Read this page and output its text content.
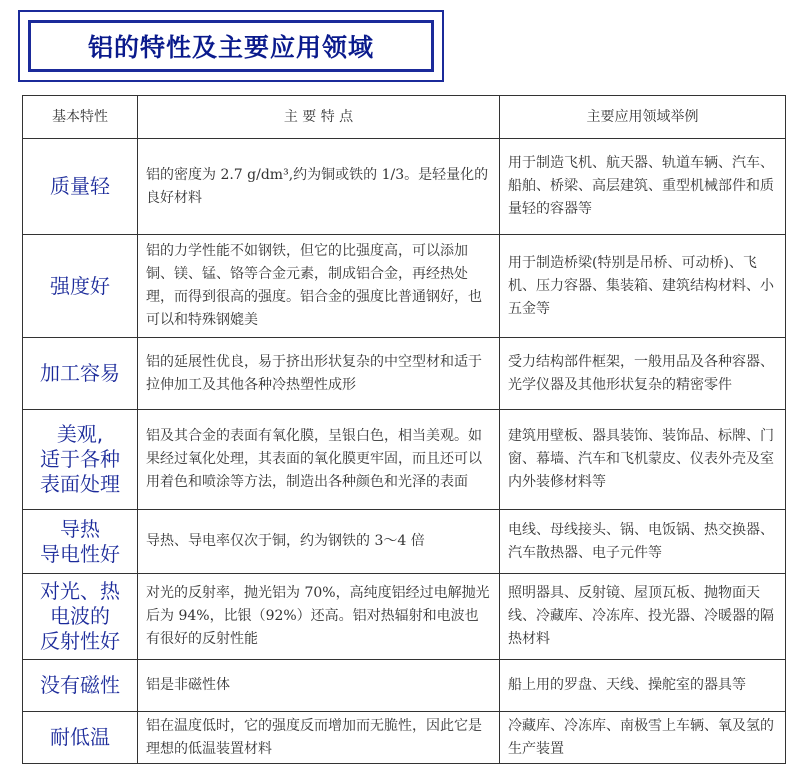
铝的特性及主要应用领域
基本特性	主 要 特 点	主要应用领域举例
质量轻	铝的密度为 2.7 g/dm³,约为铜或铁的 1/3。是轻量化的良好材料	用于制造飞机、航天器、轨道车辆、汽车、船舶、桥梁、高层建筑、重型机械部件和质量轻的容器等
强度好	铝的力学性能不如钢铁，但它的比强度高，可以添加铜、镁、锰、铬等合金元素，制成铝合金，再经热处理，而得到很高的强度。铝合金的强度比普通钢好，也可以和特殊钢媲美	用于制造桥梁(特别是吊桥、可动桥)、飞机、压力容器、集装箱、建筑结构材料、小五金等
加工容易	铝的延展性优良，易于挤出形状复杂的中空型材和适于拉伸加工及其他各种冷热塑性成形	受力结构部件框架，一般用品及各种容器、光学仪器及其他形状复杂的精密零件
美观,
适于各种
表面处理	铝及其合金的表面有氧化膜，呈银白色，相当美观。如果经过氧化处理，其表面的氧化膜更牢固，而且还可以用着色和喷涂等方法，制造出各种颜色和光泽的表面	建筑用壁板、器具装饰、装饰品、标牌、门窗、幕墙、汽车和飞机蒙皮、仪表外壳及室内外装修材料等
导热
导电性好	导热、导电率仅次于铜，约为钢铁的 3～4 倍	电线、母线接头、锅、电饭锅、热交换器、汽车散热器、电子元件等
对光、热
电波的
反射性好	对光的反射率，抛光铝为 70%，高纯度铝经过电解抛光后为 94%，比银（92%）还高。铝对热辐射和电波也有很好的反射性能	照明器具、反射镜、屋顶瓦板、抛物面天线、冷藏库、冷冻库、投光器、冷暖器的隔热材料
没有磁性	铝是非磁性体	船上用的罗盘、天线、操舵室的器具等
耐低温	铝在温度低时，它的强度反而增加而无脆性，因此它是理想的低温装置材料	冷藏库、冷冻库、南极雪上车辆、氧及氢的生产装置
